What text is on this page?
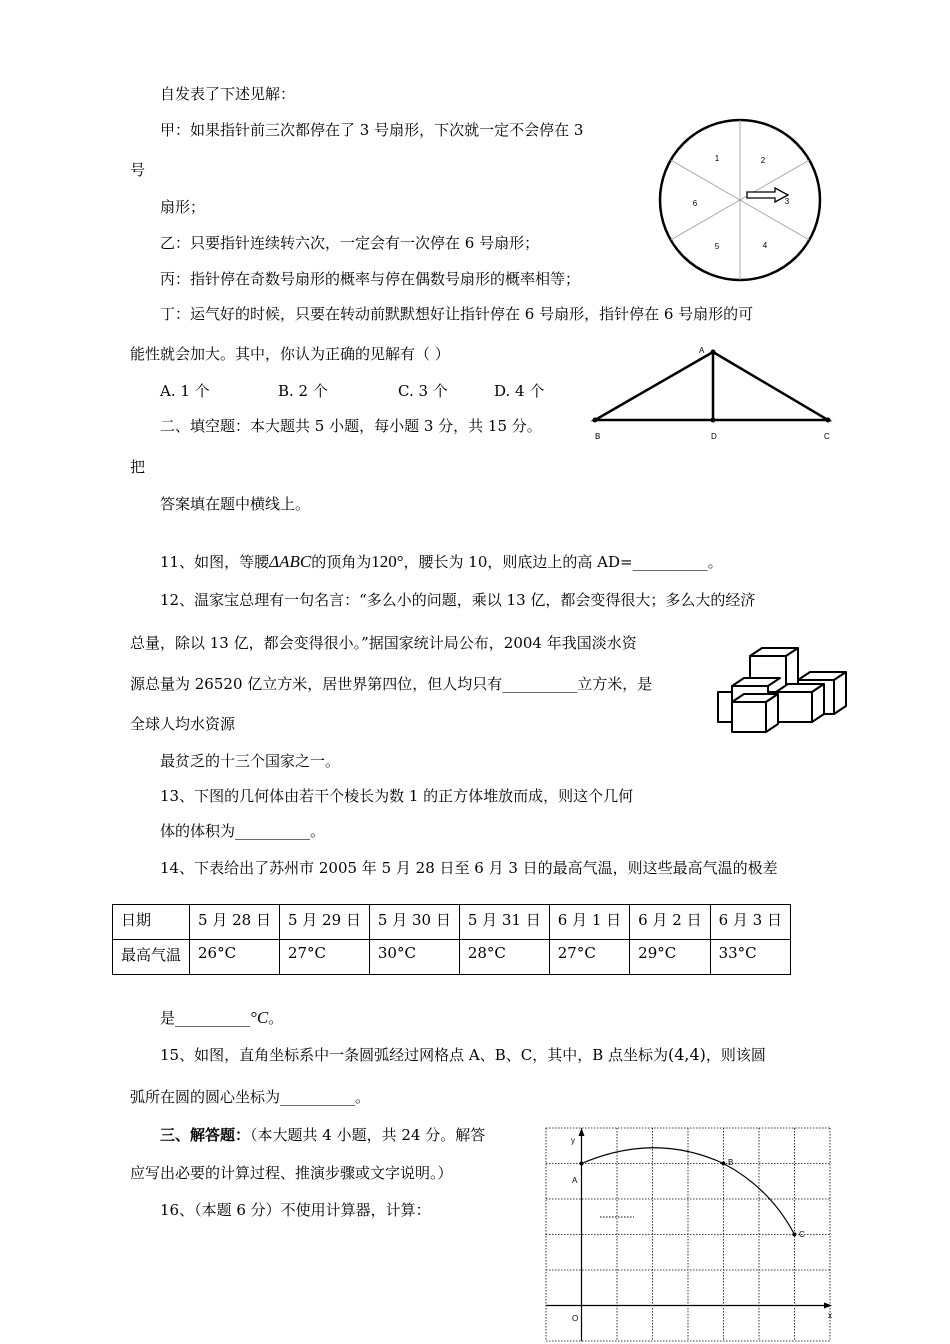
自发表了下述见解：
甲：如果指针前三次都停在了 3 号扇形，下次就一定不会停在 3
号
扇形；
乙：只要指针连续转六次，一定会有一次停在 6 号扇形；
丙：指针停在奇数号扇形的概率与停在偶数号扇形的概率相等；
丁：运气好的时候，只要在转动前默默想好让指针停在 6 号扇形，指针停在 6 号扇形的可
能性就会加大。其中，你认为正确的见解有（ ）
A. 1 个	B. 2 个	C. 3 个	D. 4 个
二、填空题：本大题共 5 小题，每小题 3 分，共 15 分。
把
答案填在题中横线上。
11、如图，等腰ΔABC的顶角为120°，腰长为 10，则底边上的高 AD=__________。
12、温家宝总理有一句名言：“多么小的问题，乘以 13 亿，都会变得很大；多么大的经济
总量，除以 13 亿，都会变得很小。”据国家统计局公布，2004 年我国淡水资
源总量为 26520 亿立方米，居世界第四位，但人均只有__________立方米，是
全球人均水资源
最贫乏的十三个国家之一。
13、下图的几何体由若干个棱长为数 1 的正方体堆放而成，则这个几何
体的体积为__________。
14、下表给出了苏州市 2005 年 5 月 28 日至 6 月 3 日的最高气温，则这些最高气温的极差
日期	5 月 28 日	5 月 29 日	5 月 30 日	5 月 31 日	6 月 1 日	6 月 2 日	6 月 3 日
最高气温	26°C	27°C	30°C	28°C	27°C	29°C	33°C
是__________°C。
15、如图，直角坐标系中一条圆弧经过网格点 A、B、C，其中，B 点坐标为(4,4)，则该圆
弧所在圆的圆心坐标为__________。
三、解答题：（本大题共 4 小题，共 24 分。解答
应写出必要的计算过程、推演步骤或文字说明。）
16、（本题 6 分）不使用计算器，计算：
1	2
3
4
5
6
A
B	D	C
y
x
O
A
B
C
